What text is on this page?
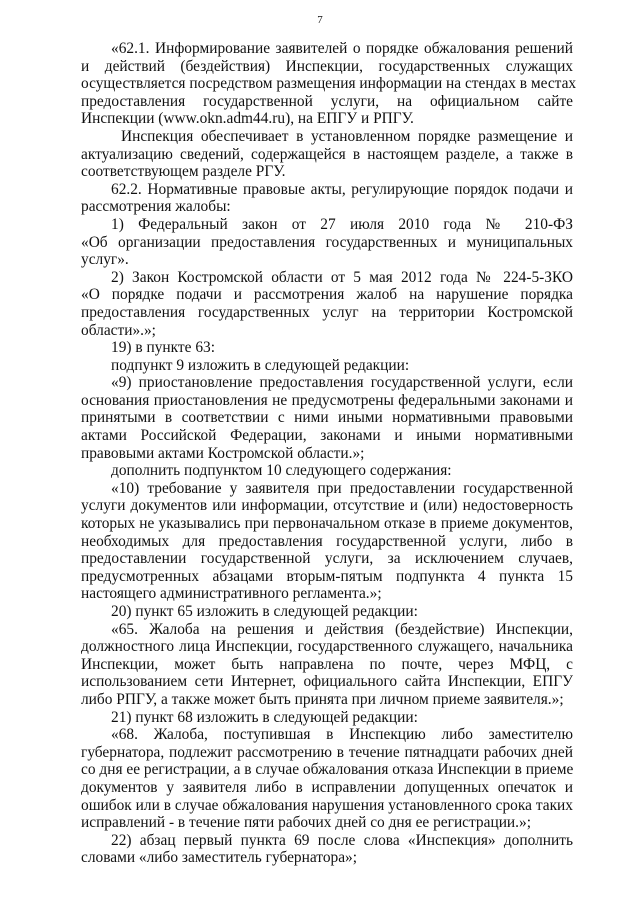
7
«62.1. Информирование заявителей о порядке обжалования решений
и действий (бездействия) Инспекции, государственных служащих
осуществляется посредством размещения информации на стендах в местах
предоставления государственной услуги, на официальном сайте
Инспекции (www.okn.adm44.ru), на ЕПГУ и РПГУ.
Инспекция обеспечивает в установленном порядке размещение и
актуализацию сведений, содержащейся в настоящем разделе, а также в
соответствующем разделе РГУ.
62.2. Нормативные правовые акты, регулирующие порядок подачи и
рассмотрения жалобы:
1) Федеральный закон от 27 июля 2010 года № 210-ФЗ
«Об организации предоставления государственных и муниципальных
услуг».
2) Закон Костромской области от 5 мая 2012 года № 224-5-ЗКО
«О порядке подачи и рассмотрения жалоб на нарушение порядка
предоставления государственных услуг на территории Костромской
области».»;
19) в пункте 63:
подпункт 9 изложить в следующей редакции:
«9) приостановление предоставления государственной услуги, если
основания приостановления не предусмотрены федеральными законами и
принятыми в соответствии с ними иными нормативными правовыми
актами Российской Федерации, законами и иными нормативными
правовыми актами Костромской области.»;
дополнить подпунктом 10 следующего содержания:
«10) требование у заявителя при предоставлении государственной
услуги документов или информации, отсутствие и (или) недостоверность
которых не указывались при первоначальном отказе в приеме документов,
необходимых для предоставления государственной услуги, либо в
предоставлении государственной услуги, за исключением случаев,
предусмотренных абзацами вторым-пятым подпункта 4 пункта 15
настоящего административного регламента.»;
20) пункт 65 изложить в следующей редакции:
«65. Жалоба на решения и действия (бездействие) Инспекции,
должностного лица Инспекции, государственного служащего, начальника
Инспекции, может быть направлена по почте, через МФЦ, с
использованием сети Интернет, официального сайта Инспекции, ЕПГУ
либо РПГУ, а также может быть принята при личном приеме заявителя.»;
21) пункт 68 изложить в следующей редакции:
«68. Жалоба, поступившая в Инспекцию либо заместителю
губернатора, подлежит рассмотрению в течение пятнадцати рабочих дней
со дня ее регистрации, а в случае обжалования отказа Инспекции в приеме
документов у заявителя либо в исправлении допущенных опечаток и
ошибок или в случае обжалования нарушения установленного срока таких
исправлений - в течение пяти рабочих дней со дня ее регистрации.»;
22) абзац первый пункта 69 после слова «Инспекция» дополнить
словами «либо заместитель губернатора»;
